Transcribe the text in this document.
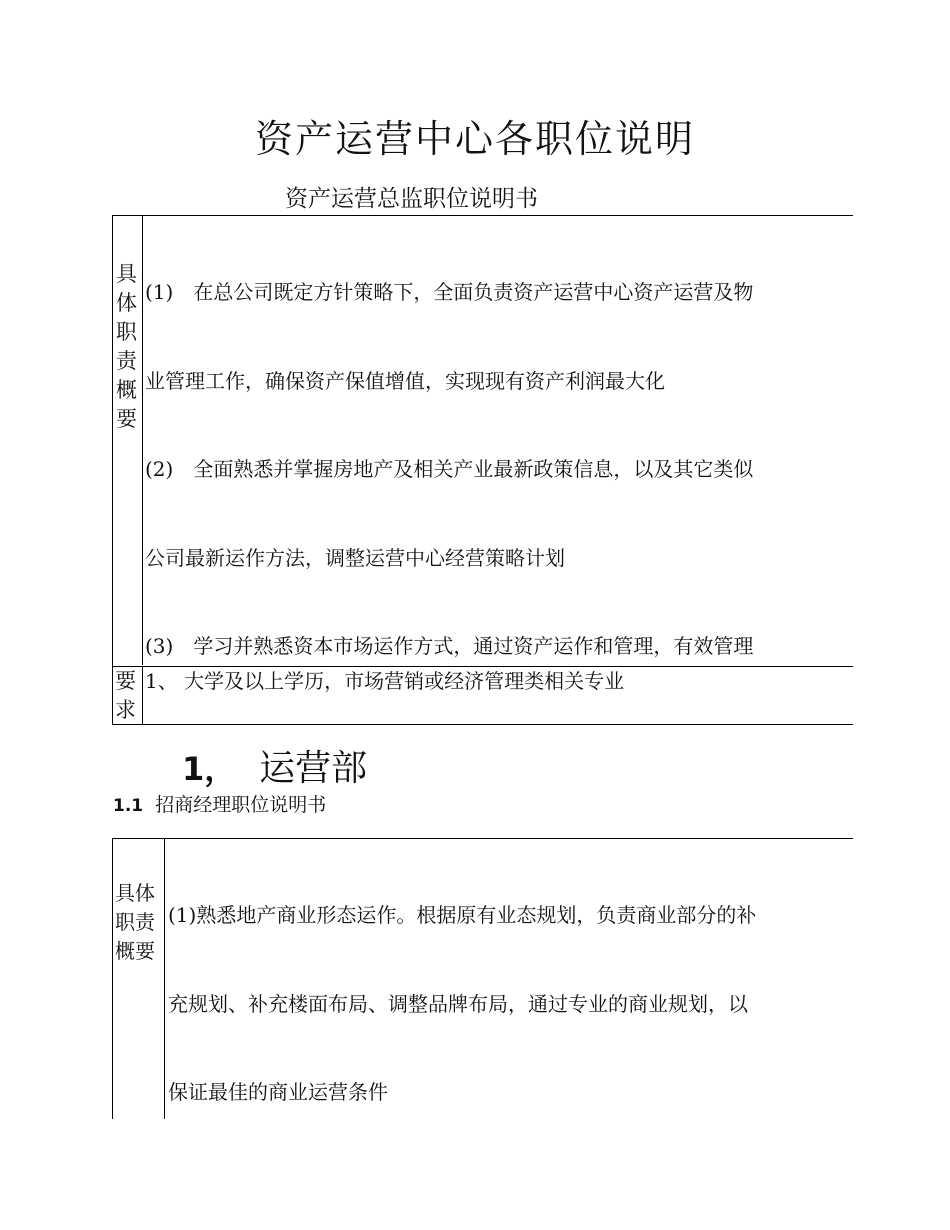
资产运营中心各职位说明
资产运营总监职位说明书
具体职责概要

(1)　在总公司既定方针策略下，全面负责资产运营中心资产运营及物

业管理工作，确保资产保值增值，实现现有资产利润最大化

(2)　全面熟悉并掌握房地产及相关产业最新政策信息，以及其它类似

公司最新运作方法，调整运营中心经营策略计划

(3)　学习并熟悉资本市场运作方式，通过资产运作和管理，有效管理

要求
1、 大学及以上学历，市场营销或经济管理类相关专业
1， 运营部
1.1 招商经理职位说明书
具体职责概要

(1)熟悉地产商业形态运作。根据原有业态规划，负责商业部分的补

充规划、补充楼面布局、调整品牌布局，通过专业的商业规划，以

保证最佳的商业运营条件
